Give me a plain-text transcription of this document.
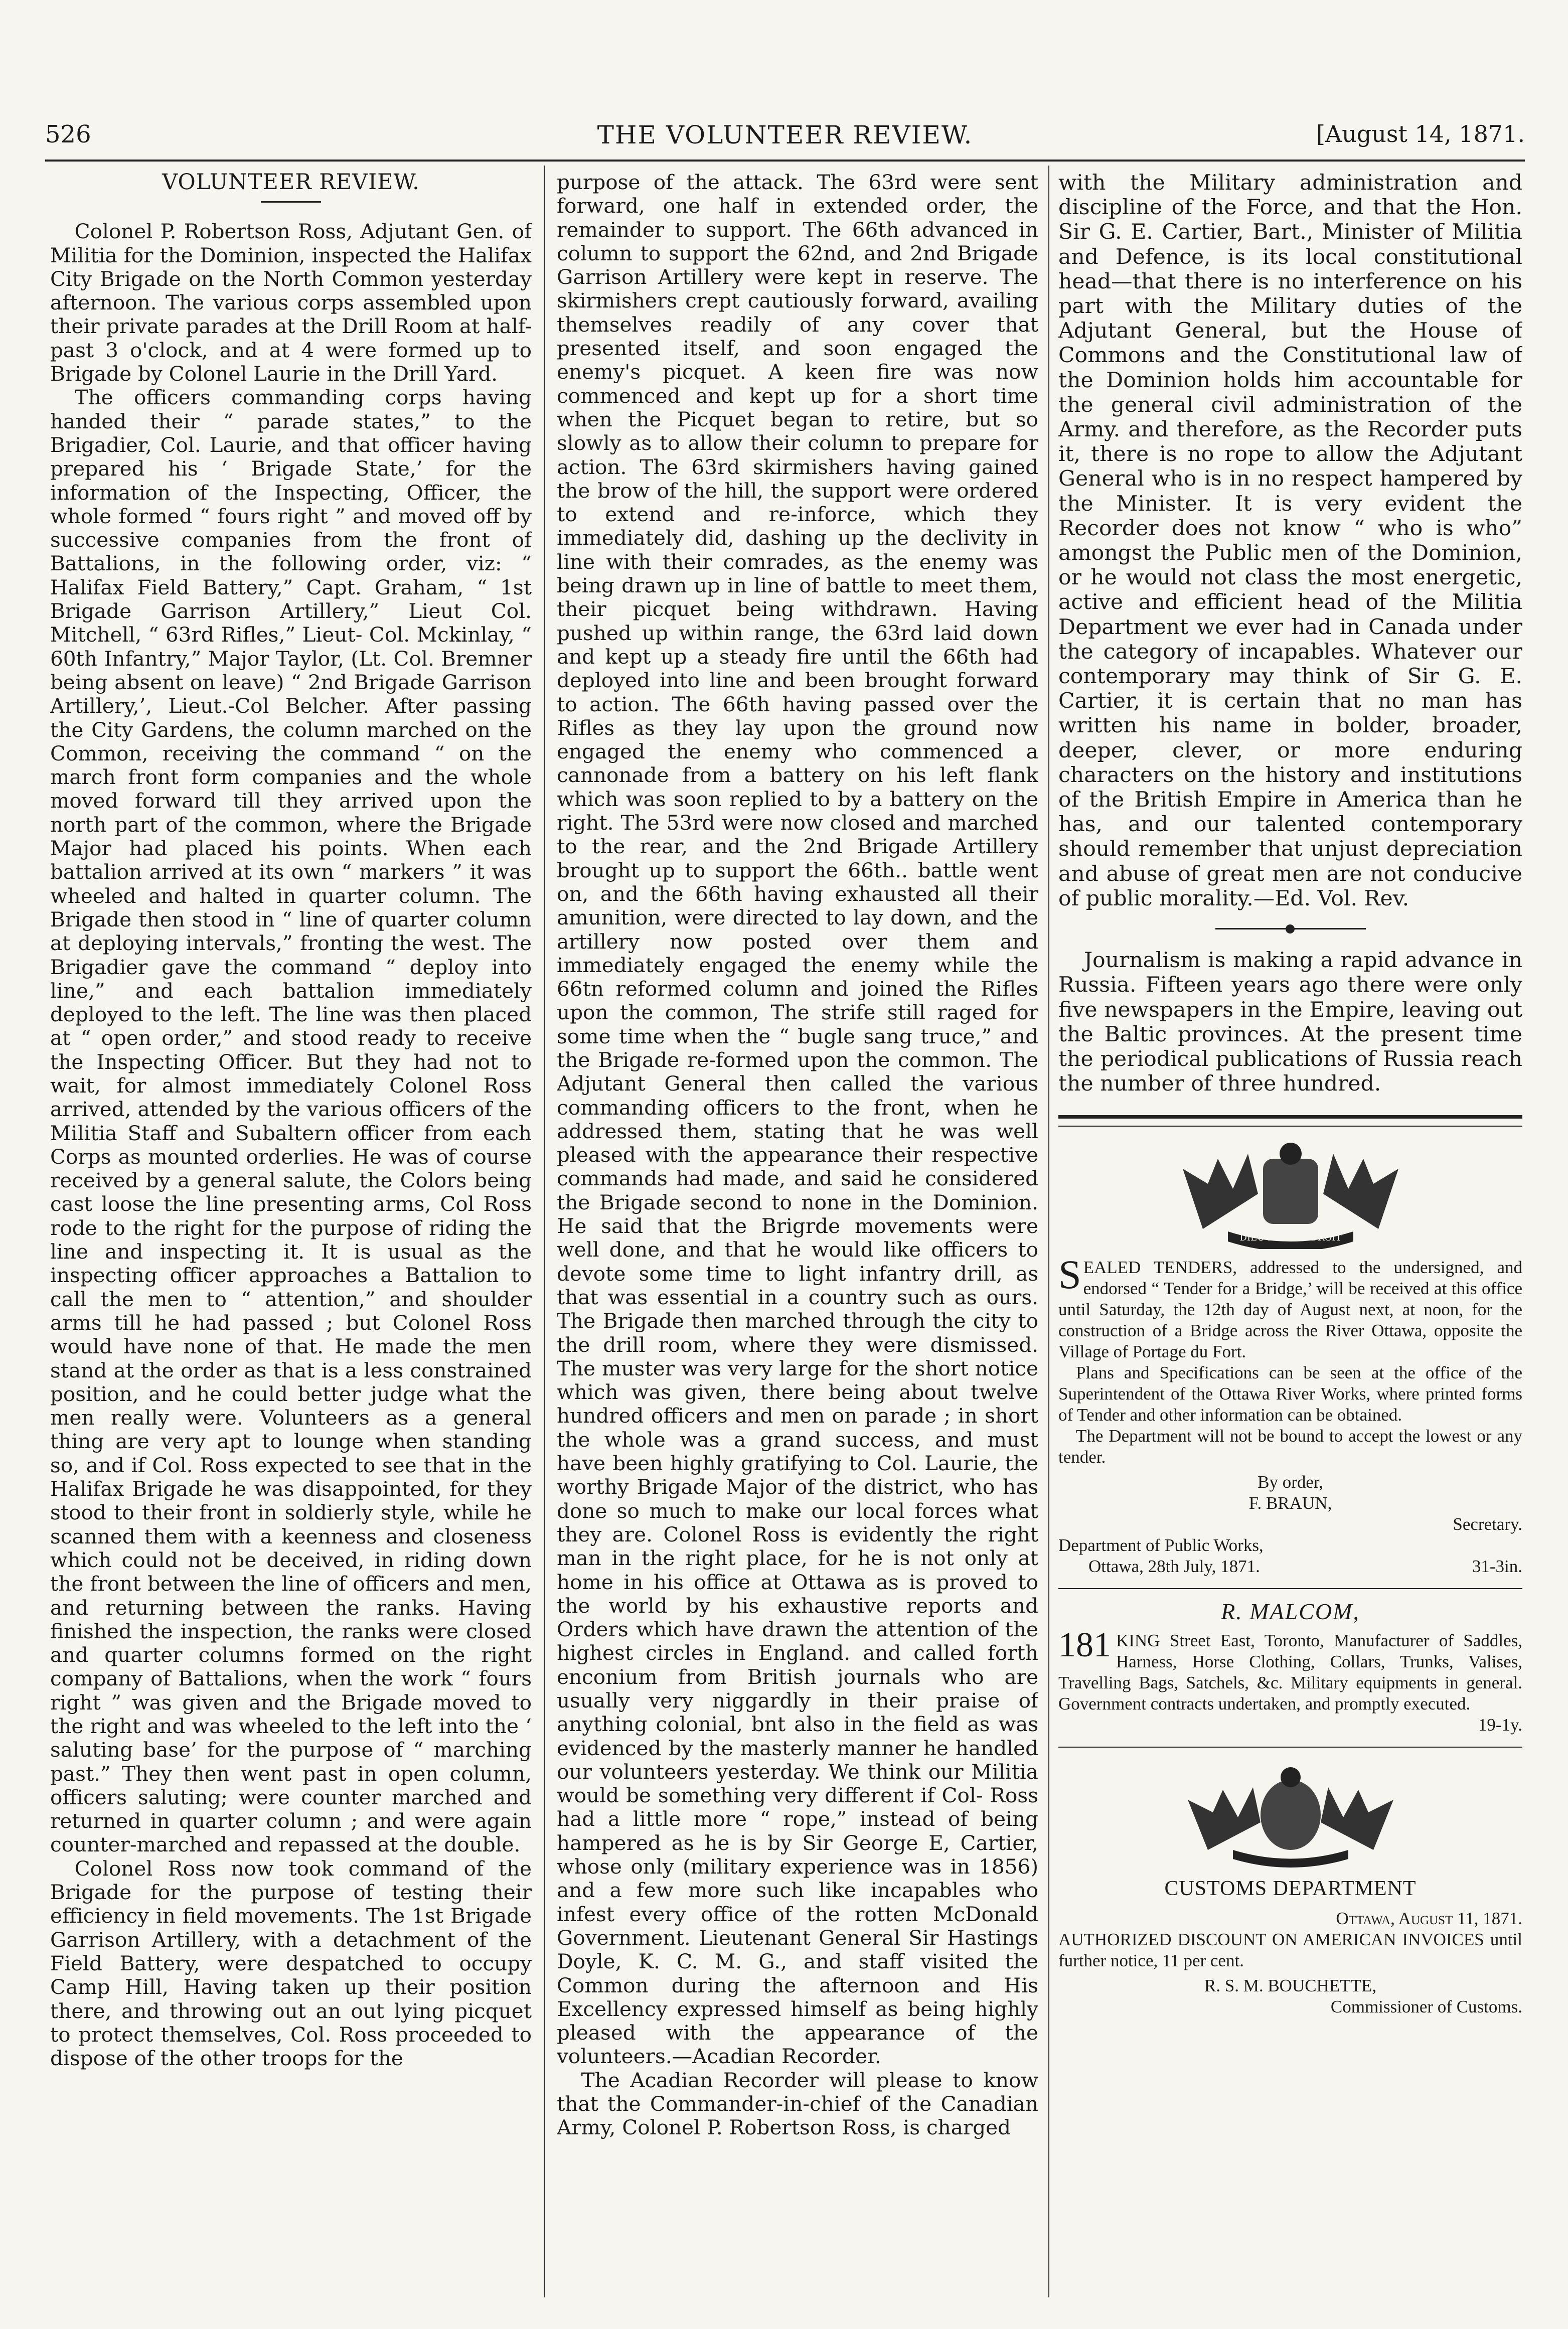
526	THE VOLUNTEER REVIEW.	[August 14, 1871.
VOLUNTEER REVIEW.

Colonel P. Robertson Ross, Adjutant Gen. of Militia for the Dominion, inspected the Halifax City Brigade on the North Common yesterday afternoon. The various corps assembled upon their private parades at the Drill Room at half-past 3 o'clock, and at 4 were formed up to Brigade by Colonel Laurie in the Drill Yard.

The officers commanding corps having handed their “ parade states,” to the Brigadier, Col. Laurie, and that officer having prepared his ‘ Brigade State,’ for the information of the Inspecting, Officer, the whole formed “ fours right ” and moved off by successive companies from the front of Battalions, in the following order, viz: “ Halifax Field Battery,” Capt. Graham, “ 1st Brigade Garrison Artillery,” Lieut Col. Mitchell, “ 63rd Rifles,” Lieut- Col. Mckinlay, “ 60th Infantry,” Major Taylor, (Lt. Col. Bremner being absent on leave) “ 2nd Brigade Garrison Artillery,’, Lieut.-Col Belcher. After passing the City Gardens, the column marched on the Common, receiving the command “ on the march front form companies and the whole moved forward till they arrived upon the north part of the common, where the Brigade Major had placed his points. When each battalion arrived at its own “ markers ” it was wheeled and halted in quarter column. The Brigade then stood in “ line of quarter column at deploying intervals,” fronting the west. The Brigadier gave the command “ deploy into line,” and each battalion immediately deployed to the left. The line was then placed at “ open order,” and stood ready to receive the Inspecting Officer. But they had not to wait, for almost immediately Colonel Ross arrived, attended by the various officers of the Militia Staff and Subaltern officer from each Corps as mounted orderlies. He was of course received by a general salute, the Colors being cast loose the line presenting arms, Col Ross rode to the right for the purpose of riding the line and inspecting it. It is usual as the inspecting officer approaches a Battalion to call the men to “ attention,” and shoulder arms till he had passed ; but Colonel Ross would have none of that. He made the men stand at the order as that is a less constrained position, and he could better judge what the men really were. Volunteers as a general thing are very apt to lounge when standing so, and if Col. Ross expected to see that in the Halifax Brigade he was disappointed, for they stood to their front in soldierly style, while he scanned them with a keenness and closeness which could not be deceived, in riding down the front between the line of officers and men, and returning between the ranks. Having finished the inspection, the ranks were closed and quarter columns formed on the right company of Battalions, when the work “ fours right ” was given and the Brigade moved to the right and was wheeled to the left into the ‘ saluting base’ for the purpose of “ marching past.” They then went past in open column, officers saluting; were counter marched and returned in quarter column ; and were again counter-marched and repassed at the double.

Colonel Ross now took command of the Brigade for the purpose of testing their efficiency in field movements. The 1st Brigade Garrison Artillery, with a detachment of the Field Battery, were despatched to occupy Camp Hill, Having taken up their position there, and throwing out an out lying picquet to protect themselves, Col. Ross proceeded to dispose of the other troops for the

purpose of the attack. The 63rd were sent forward, one half in extended order, the remainder to support. The 66th advanced in column to support the 62nd, and 2nd Brigade Garrison Artillery were kept in reserve. The skirmishers crept cautiously forward, availing themselves readily of any cover that presented itself, and soon engaged the enemy's picquet. A keen fire was now commenced and kept up for a short time when the Picquet began to retire, but so slowly as to allow their column to prepare for action. The 63rd skirmishers having gained the brow of the hill, the support were ordered to extend and re-inforce, which they immediately did, dashing up the declivity in line with their comrades, as the enemy was being drawn up in line of battle to meet them, their picquet being withdrawn. Having pushed up within range, the 63rd laid down and kept up a steady fire until the 66th had deployed into line and been brought forward to action. The 66th having passed over the Rifles as they lay upon the ground now engaged the enemy who commenced a cannonade from a battery on his left flank which was soon replied to by a battery on the right. The 53rd were now closed and marched to the rear, and the 2nd Brigade Artillery brought up to support the 66th.. battle went on, and the 66th having exhausted all their amunition, were directed to lay down, and the artillery now posted over them and immediately engaged the enemy while the 66tn reformed column and joined the Rifles upon the common, The strife still raged for some time when the “ bugle sang truce,” and the Brigade re-formed upon the common. The Adjutant General then called the various commanding officers to the front, when he addressed them, stating that he was well pleased with the appearance their respective commands had made, and said he considered the Brigade second to none in the Dominion. He said that the Brigrde movements were well done, and that he would like officers to devote some time to light infantry drill, as that was essential in a country such as ours. The Brigade then marched through the city to the drill room, where they were dismissed. The muster was very large for the short notice which was given, there being about twelve hundred officers and men on parade ; in short the whole was a grand success, and must have been highly gratifying to Col. Laurie, the worthy Brigade Major of the district, who has done so much to make our local forces what they are. Colonel Ross is evidently the right man in the right place, for he is not only at home in his office at Ottawa as is proved to the world by his exhaustive reports and Orders which have drawn the attention of the highest circles in England. and called forth enconium from British journals who are usually very niggardly in their praise of anything colonial, bnt also in the field as was evidenced by the masterly manner he handled our volunteers yesterday. We think our Militia would be something very different if Col- Ross had a little more “ rope,” instead of being hampered as he is by Sir George E, Cartier, whose only (military experience was in 1856) and a few more such like incapables who infest every office of the rotten McDonald Government. Lieutenant General Sir Hastings Doyle, K. C. M. G., and staff visited the Common during the afternoon and His Excellency expressed himself as being highly pleased with the appearance of the volunteers.—Acadian Recorder.

The Acadian Recorder will please to know that the Commander-in-chief of the Canadian Army, Colonel P. Robertson Ross, is charged

with the Military administration and discipline of the Force, and that the Hon. Sir G. E. Cartier, Bart., Minister of Militia and Defence, is its local constitutional head—that there is no interference on his part with the Military duties of the Adjutant General, but the House of Commons and the Constitutional law of the Dominion holds him accountable for the general civil administration of the Army. and therefore, as the Recorder puts it, there is no rope to allow the Adjutant General who is in no respect hampered by the Minister. It is very evident the Recorder does not know “ who is who” amongst the Public men of the Dominion, or he would not class the most energetic, active and efficient head of the Militia Department we ever had in Canada under the category of incapables. Whatever our contemporary may think of Sir G. E. Cartier, it is certain that no man has written his name in bolder, broader, deeper, clever, or more enduring characters on the history and institutions of the British Empire in America than he has, and our talented contemporary should remember that unjust depreciation and abuse of great men are not conducive of public morality.—Ed. Vol. Rev.

Journalism is making a rapid advance in Russia. Fifteen years ago there were only five newspapers in the Empire, leaving out the Baltic provinces. At the present time the periodical publications of Russia reach the number of three hundred.

DIEU ET MON DROIT

SEALED TENDERS, addressed to the undersigned, and endorsed “ Tender for a Bridge,’ will be received at this office until Saturday, the 12th day of August next, at noon, for the construction of a Bridge across the River Ottawa, opposite the Village of Portage du Fort.

Plans and Specifications can be seen at the office of the Superintendent of the Ottawa River Works, where printed forms of Tender and other information can be obtained.

The Department will not be bound to accept the lowest or any tender.

By order,
F. BRAUN,
Secretary.
Department of Public Works,
Ottawa, 28th July, 1871.	31-3in.
R. MALCOM,

181 KING Street East, Toronto, Manufacturer of Saddles, Harness, Horse Clothing, Collars, Trunks, Valises, Travelling Bags, Satchels, &c. Military equipments in general. Government contracts undertaken, and promptly executed.

19-1y.
CUSTOMS DEPARTMENT
Ottawa, August 11, 1871.

AUTHORIZED DISCOUNT ON AMERICAN INVOICES until further notice, 11 per cent.

R. S. M. BOUCHETTE,
Commissioner of Customs.
